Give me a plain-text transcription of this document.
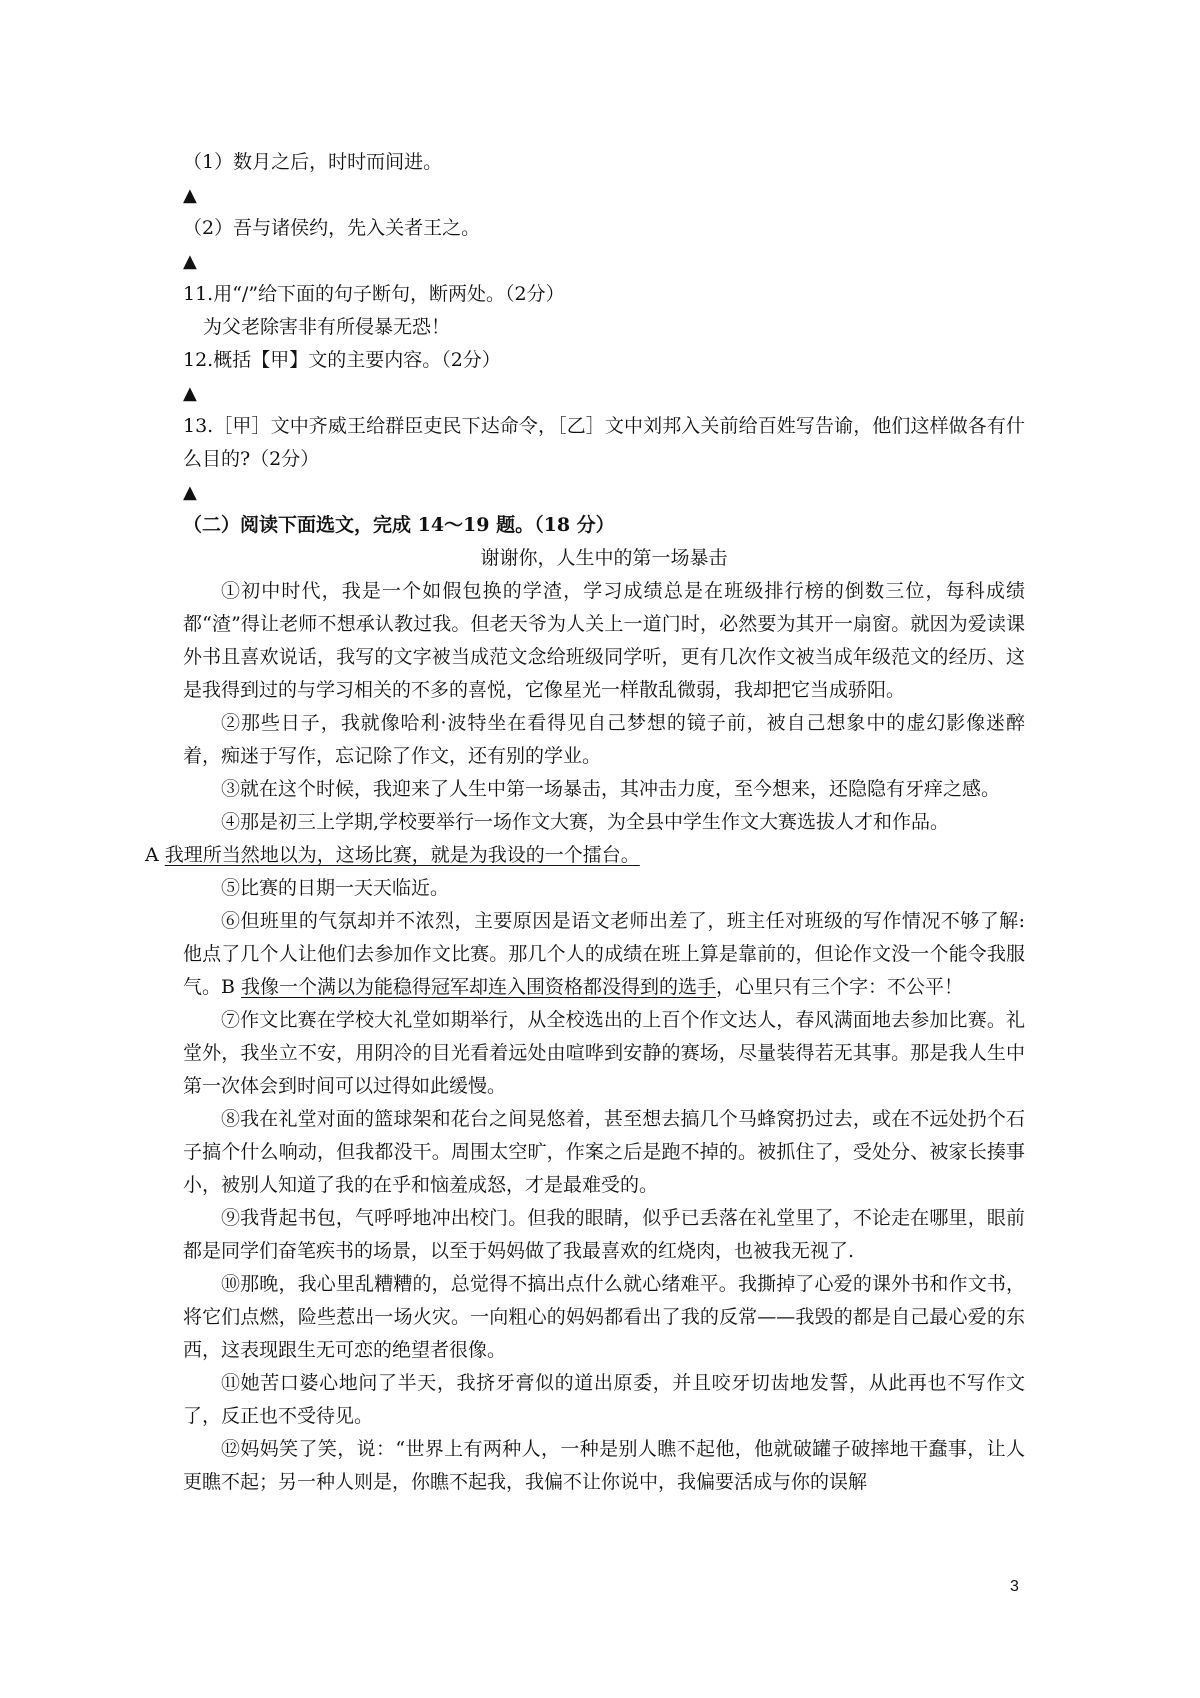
（1）数月之后，时时而间进。
▲
（2）吾与诸侯约，先入关者王之。
▲
11.用“/”给下面的句子断句，断两处。（2分）
为父老除害非有所侵暴无恐！
12.概括【甲】文的主要内容。（2分）
▲

13.［甲］文中齐威王给群臣吏民下达命令，［乙］文中刘邦入关前给百姓写告谕，他们这样做各有什么目的?（2分）

▲
（二）阅读下面选文，完成 14～19 题。（18 分）

谢谢你，人生中的第一场暴击

①初中时代，我是一个如假包换的学渣，学习成绩总是在班级排行榜的倒数三位，每科成绩都“渣”得让老师不想承认教过我。但老天爷为人关上一道门时，必然要为其开一扇窗。就因为爱读课外书且喜欢说话，我写的文字被当成范文念给班级同学听，更有几次作文被当成年级范文的经历、这是我得到过的与学习相关的不多的喜悦，它像星光一样散乱微弱，我却把它当成骄阳。

②那些日子，我就像哈利·波特坐在看得见自己梦想的镜子前，被自己想象中的虚幻影像迷醉着，痴迷于写作，忘记除了作文，还有别的学业。

③就在这个时候，我迎来了人生中第一场暴击，其冲击力度，至今想来，还隐隐有牙痒之感。

④那是初三上学期,学校要举行一场作文大赛，为全县中学生作文大赛选拔人才和作品。
A 我理所当然地以为，这场比赛，就是为我设的一个擂台。

⑤比赛的日期一天天临近。

⑥但班里的气氛却并不浓烈，主要原因是语文老师出差了，班主任对班级的写作情况不够了解:他点了几个人让他们去参加作文比赛。那几个人的成绩在班上算是靠前的，但论作文没一个能令我服气。B 我像一个满以为能稳得冠军却连入围资格都没得到的选手，心里只有三个字：不公平！

⑦作文比赛在学校大礼堂如期举行，从全校选出的上百个作文达人，春风满面地去参加比赛。礼堂外，我坐立不安，用阴冷的目光看着远处由喧哗到安静的赛场，尽量装得若无其事。那是我人生中第一次体会到时间可以过得如此缓慢。

⑧我在礼堂对面的篮球架和花台之间晃悠着，甚至想去搞几个马蜂窝扔过去，或在不远处扔个石子搞个什么响动，但我都没干。周围太空旷，作案之后是跑不掉的。被抓住了，受处分、被家长揍事小，被别人知道了我的在乎和恼羞成怒，才是最难受的。

⑨我背起书包，气呼呼地冲出校门。但我的眼睛，似乎已丢落在礼堂里了，不论走在哪里，眼前都是同学们奋笔疾书的场景，以至于妈妈做了我最喜欢的红烧肉，也被我无视了.

⑩那晚，我心里乱糟糟的，总觉得不搞出点什么就心绪难平。我撕掉了心爱的课外书和作文书，将它们点燃，险些惹出一场火灾。一向粗心的妈妈都看出了我的反常——我毁的都是自己最心爱的东西，这表现跟生无可恋的绝望者很像。

⑪她苦口婆心地问了半天，我挤牙膏似的道出原委，并且咬牙切齿地发誓，从此再也不写作文了，反正也不受待见。

⑫妈妈笑了笑，说：“世界上有两种人，一种是别人瞧不起他，他就破罐子破摔地干蠢事，让人更瞧不起；另一种人则是，你瞧不起我，我偏不让你说中，我偏要活成与你的误解

3
